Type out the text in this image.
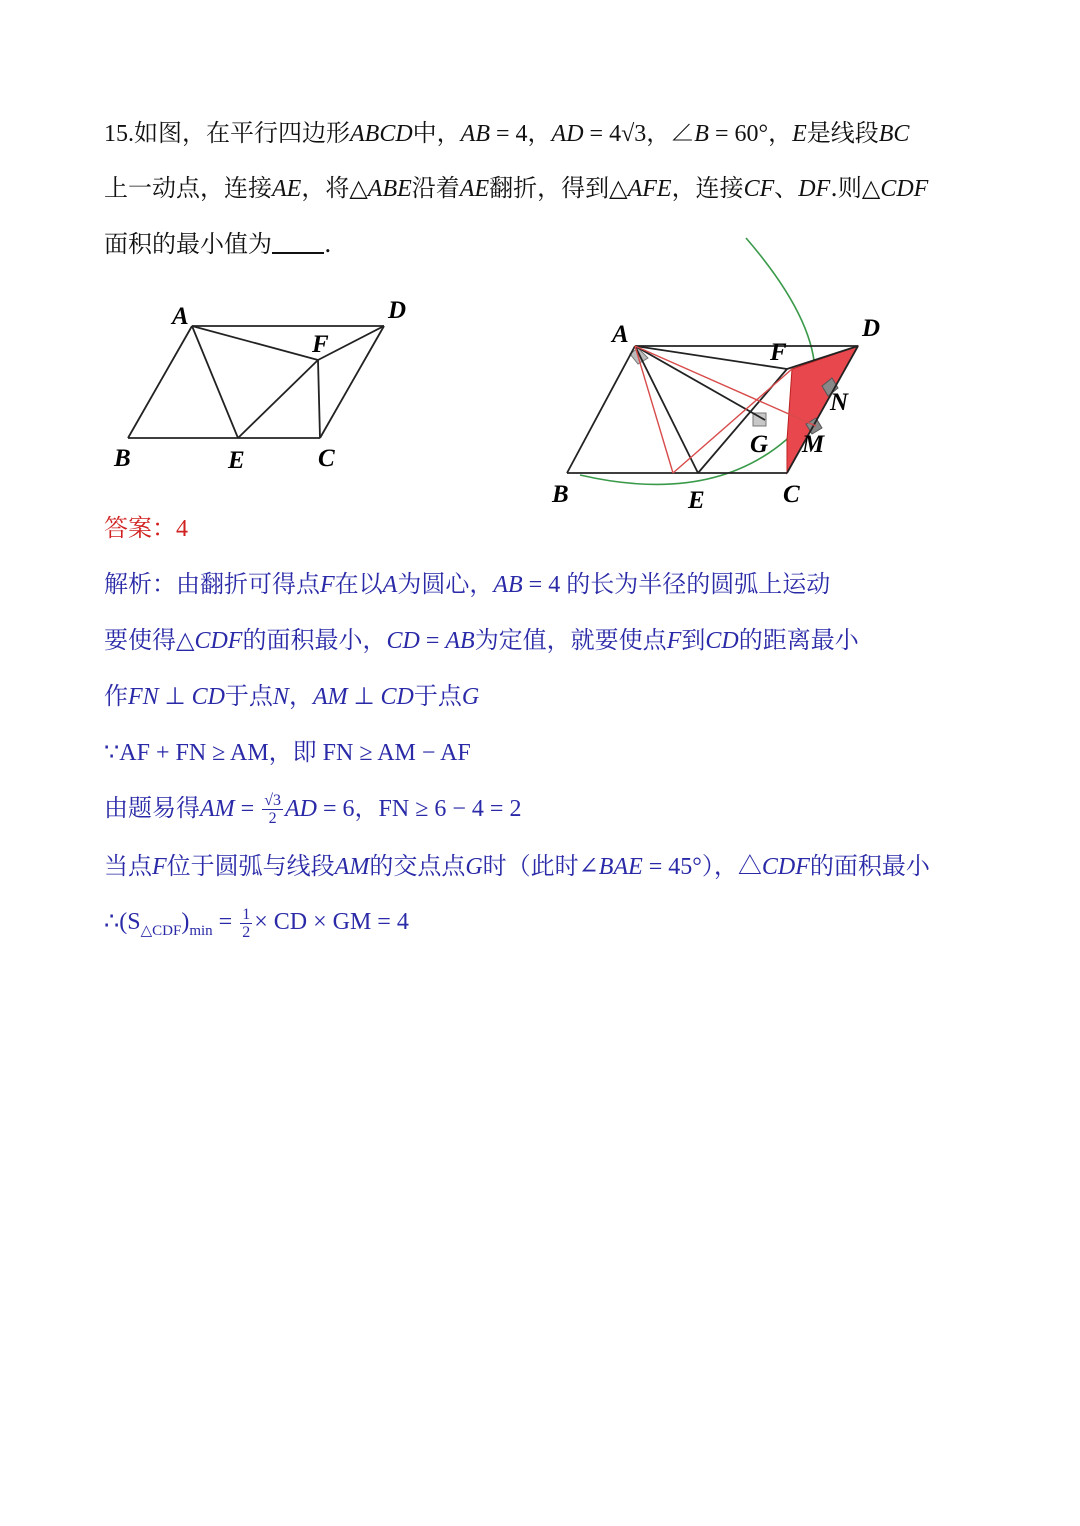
15.如图，在平行四边形ABCD中，AB = 4，AD = 4√3，∠B = 60°，E是线段BC
上一动点，连接AE，将△ABE沿着AE翻折，得到△AFE，连接CF、DF.则△CDF
面积的最小值为 .
A	D
F
B	E	C
A	D
F
N
G M
B	E	C
答案：4
解析：由翻折可得点F在以A为圆心，AB = 4 的长为半径的圆弧上运动
要使得△CDF的面积最小，CD = AB为定值，就要使点F到CD的距离最小
作FN ⊥ CD于点N，AM ⊥ CD于点G
∵AF + FN ≥ AM，即 FN ≥ AM − AF
由题易得AM = $\frac{√3}{2}$ AD = 6，FN ≥ 6 − 4 = 2
当点F位于圆弧与线段AM的交点点G时（此时∠BAE = 45°），△CDF的面积最小
$\therefore(S_{\triangle CDF})_{min} = \frac{1}{2}$ × CD × GM = 4
